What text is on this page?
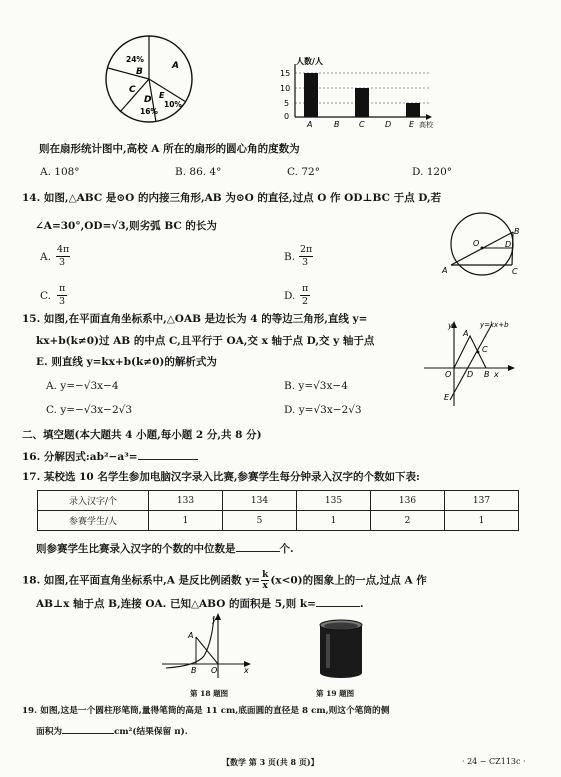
24%
B
C
D
16%
E
10%
A	人数/人
15
10
5
0
A	B C	D E 高校
则在扇形统计图中,高校 A 所在的扇形的圆心角的度数为
A. 108°	B. 86. 4°	C. 72°	D. 120°
14. 如图,△ABC 是⊙O 的内接三角形,AB 为⊙O 的直径,过点 O 作 OD⊥BC 于点 D,若
∠A=30°,OD=√3,则劣弧 BC 的长为
A.
4π
3	B.
2π
3
C.
π
3	D.
π
2
O	D
B
A	C
15. 如图,在平面直角坐标系中,△OAB 是边长为 4 的等边三角形,直线 y=
kx+b(k≠0)过 AB 的中点 C,且平行于 OA,交 x 轴于点 D,交 y 轴于点
E. 则直线 y=kx+b(k≠0)的解析式为
A. y=−√3x−4	B. y=√3x−4
C. y=−√3x−2√3	D. y=√3x−2√3
y	y=kx+b
A
C
O D B x
E
二、填空题(本大题共 4 小题,每小题 2 分,共 8 分)
16. 分解因式:ab²−a³=
17. 某校选 10 名学生参加电脑汉字录入比赛,参赛学生每分钟录入汉字的个数如下表:
录入汉字/个	133	134	135	136	137
参赛学生/人	1	5	1	2	1
则参赛学生比赛录入汉字的个数的中位数是	个.
18. 如图,在平面直角坐标系中,A 是反比例函数 $y= \frac{k}{x} (x<0)$的图象上的一点,过点 A 作
AB⊥x 轴于点 B,连接 OA. 已知△ABO 的面积是 5,则 k=	.
y
A
B O	x
第 18 题图	第 19 题图
19. 如图,这是一个圆柱形笔筒,量得笔筒的高是 11 cm,底面圆的直径是 8 cm,则这个笔筒的侧
面积为	cm²(结果保留 π).
【数学 第 3 页(共 8 页)】	· 24 − CZ113c ·
